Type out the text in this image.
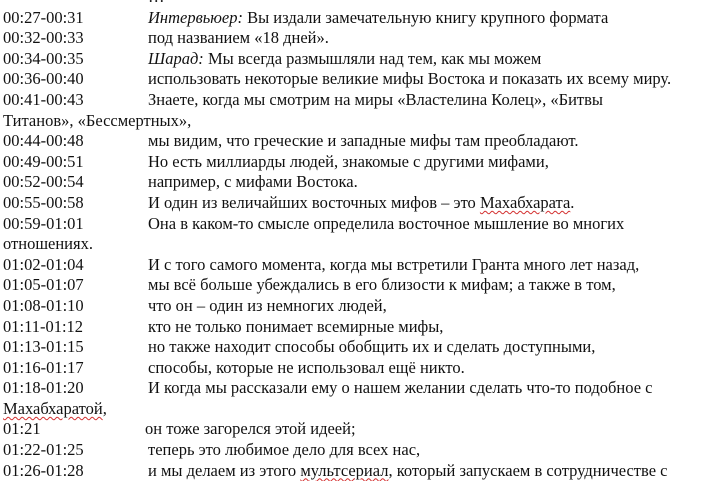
00:27-00:31	Интервьюер: Вы издали замечательную книгу крупного формата
00:32-00:33	под названием «18 дней».
00:34-00:35	Шарад: Мы всегда размышляли над тем, как мы можем
00:36-00:40	использовать некоторые великие мифы Востока и показать их всему миру.
00:41-00:43	Знаете, когда мы смотрим на миры «Властелина Колец», «Битвы
Титанов», «Бессмертных»,
00:44-00:48	мы видим, что греческие и западные мифы там преобладают.
00:49-00:51	Но есть миллиарды людей, знакомые с другими мифами,
00:52-00:54	например, с мифами Востока.
00:55-00:58	И один из величайших восточных мифов – это Махабхарата.
00:59-01:01	Она в каком-то смысле определила восточное мышление во многих
отношениях.
01:02-01:04	И с того самого момента, когда мы встретили Гранта много лет назад,
01:05-01:07	мы всё больше убеждались в его близости к мифам; а также в том,
01:08-01:10	что он – один из немногих людей,
01:11-01:12	кто не только понимает всемирные мифы,
01:13-01:15	но также находит способы обобщить их и сделать доступными,
01:16-01:17	способы, которые не использовал ещё никто.
01:18-01:20	И когда мы рассказали ему о нашем желании сделать что-то подобное с
Махабхаратой,
01:21	он тоже загорелся этой идеей;
01:22-01:25	теперь это любимое дело для всех нас,
01:26-01:28	и мы делаем из этого мультсериал, который запускаем в сотрудничестве с
